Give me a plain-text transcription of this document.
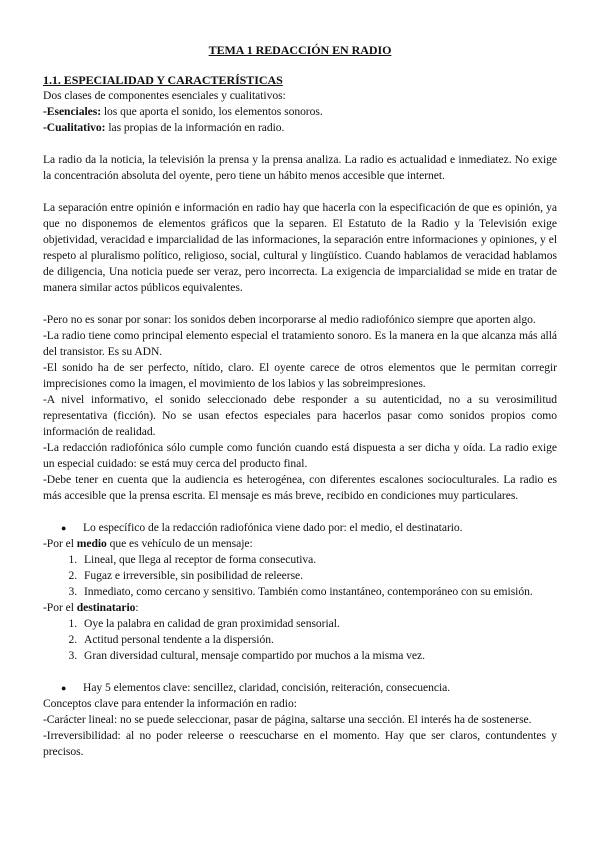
TEMA 1 REDACCIÓN EN RADIO

1.1. ESPECIALIDAD Y CARACTERÍSTICAS

Dos clases de componentes esenciales y cualitativos:

-Esenciales: los que aporta el sonido, los elementos sonoros.

-Cualitativo: las propias de la información en radio.

La radio da la noticia, la televisión la prensa y la prensa analiza. La radio es actualidad e inmediatez. No exige la concentración absoluta del oyente, pero tiene un hábito menos accesible que internet.

La separación entre opinión e información en radio hay que hacerla con la especificación de que es opinión, ya que no disponemos de elementos gráficos que la separen. El Estatuto de la Radio y la Televisión exige objetividad, veracidad e imparcialidad de las informaciones, la separación entre informaciones y opiniones, y el respeto al pluralismo político, religioso, social, cultural y lingüístico. Cuando hablamos de veracidad hablamos de diligencia, Una noticia puede ser veraz, pero incorrecta. La exigencia de imparcialidad se mide en tratar de manera similar actos públicos equivalentes.

-Pero no es sonar por sonar: los sonidos deben incorporarse al medio radiofónico siempre que aporten algo.

-La radio tiene como principal elemento especial el tratamiento sonoro. Es la manera en la que alcanza más allá del transistor. Es su ADN.

-El sonido ha de ser perfecto, nítido, claro. El oyente carece de otros elementos que le permitan corregir imprecisiones como la imagen, el movimiento de los labios y las sobreimpresiones.

-A nivel informativo, el sonido seleccionado debe responder a su autenticidad, no a su verosimilitud representativa (ficción). No se usan efectos especiales para hacerlos pasar como sonidos propios como información de realidad.

-La redacción radiofónica sólo cumple como función cuando está dispuesta a ser dicha y oída. La radio exige un especial cuidado: se está muy cerca del producto final.

-Debe tener en cuenta que la audiencia es heterogénea, con diferentes escalones socioculturales. La radio es más accesible que la prensa escrita. El mensaje es más breve, recibido en condiciones muy particulares.

●	Lo específico de la redacción radiofónica viene dado por: el medio, el destinatario.

-Por el medio que es vehículo de un mensaje:

1. Lineal, que llega al receptor de forma consecutiva.
2. Fugaz e irreversible, sin posibilidad de releerse.
3. Inmediato, como cercano y sensitivo. También como instantáneo, contemporáneo con su emisión.

-Por el destinatario:

1. Oye la palabra en calidad de gran proximidad sensorial.
2. Actitud personal tendente a la dispersión.
3. Gran diversidad cultural, mensaje compartido por muchos a la misma vez.
●	Hay 5 elementos clave: sencillez, claridad, concisión, reiteración, consecuencia.

Conceptos clave para entender la información en radio:

-Carácter lineal: no se puede seleccionar, pasar de página, saltarse una sección. El interés ha de sostenerse.

-Irreversibilidad: al no poder releerse o reescucharse en el momento. Hay que ser claros, contundentes y precisos.
